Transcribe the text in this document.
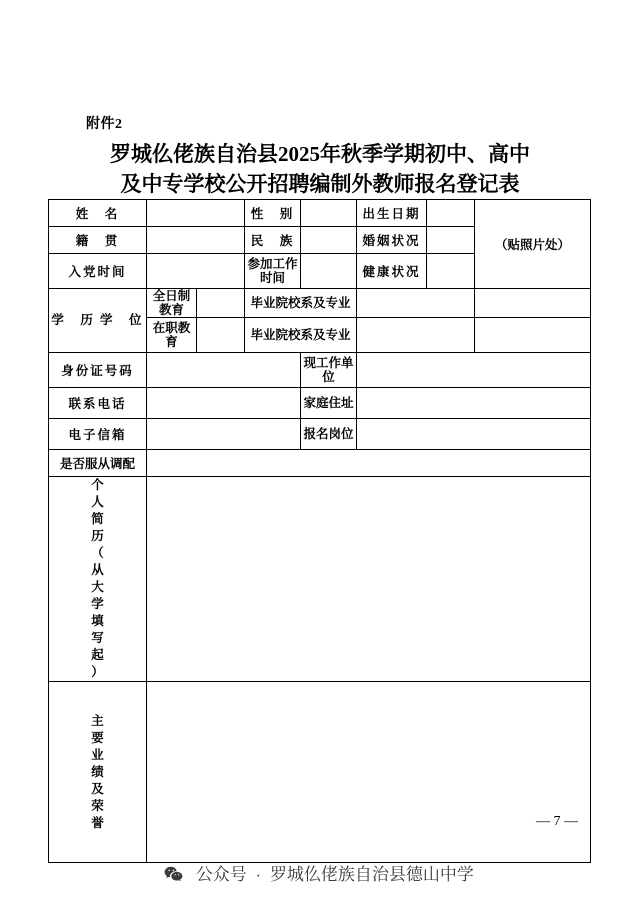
附件2
罗城仫佬族自治县2025年秋季学期初中、高中
及中专学校公开招聘编制外教师报名登记表
姓　名			性　别		出生日期		（贴照片处）
籍　贯			民　族		婚姻状况		
入党时间			参加工作时间		健康状况		

学　历 学　位	全日制教育		毕业院校系及专业				
	在职教育		毕业院校系及专业				
身份证号码				现工作单位			
联系电话				家庭住址			
电子信箱				报名岗位			
是否服从调配							

个
人
简
历
（
从
大
学
填
写
起
）

主
要
业
绩
及
荣
誉
		— 7 —
公众号 · 罗城仫佬族自治县德山中学
